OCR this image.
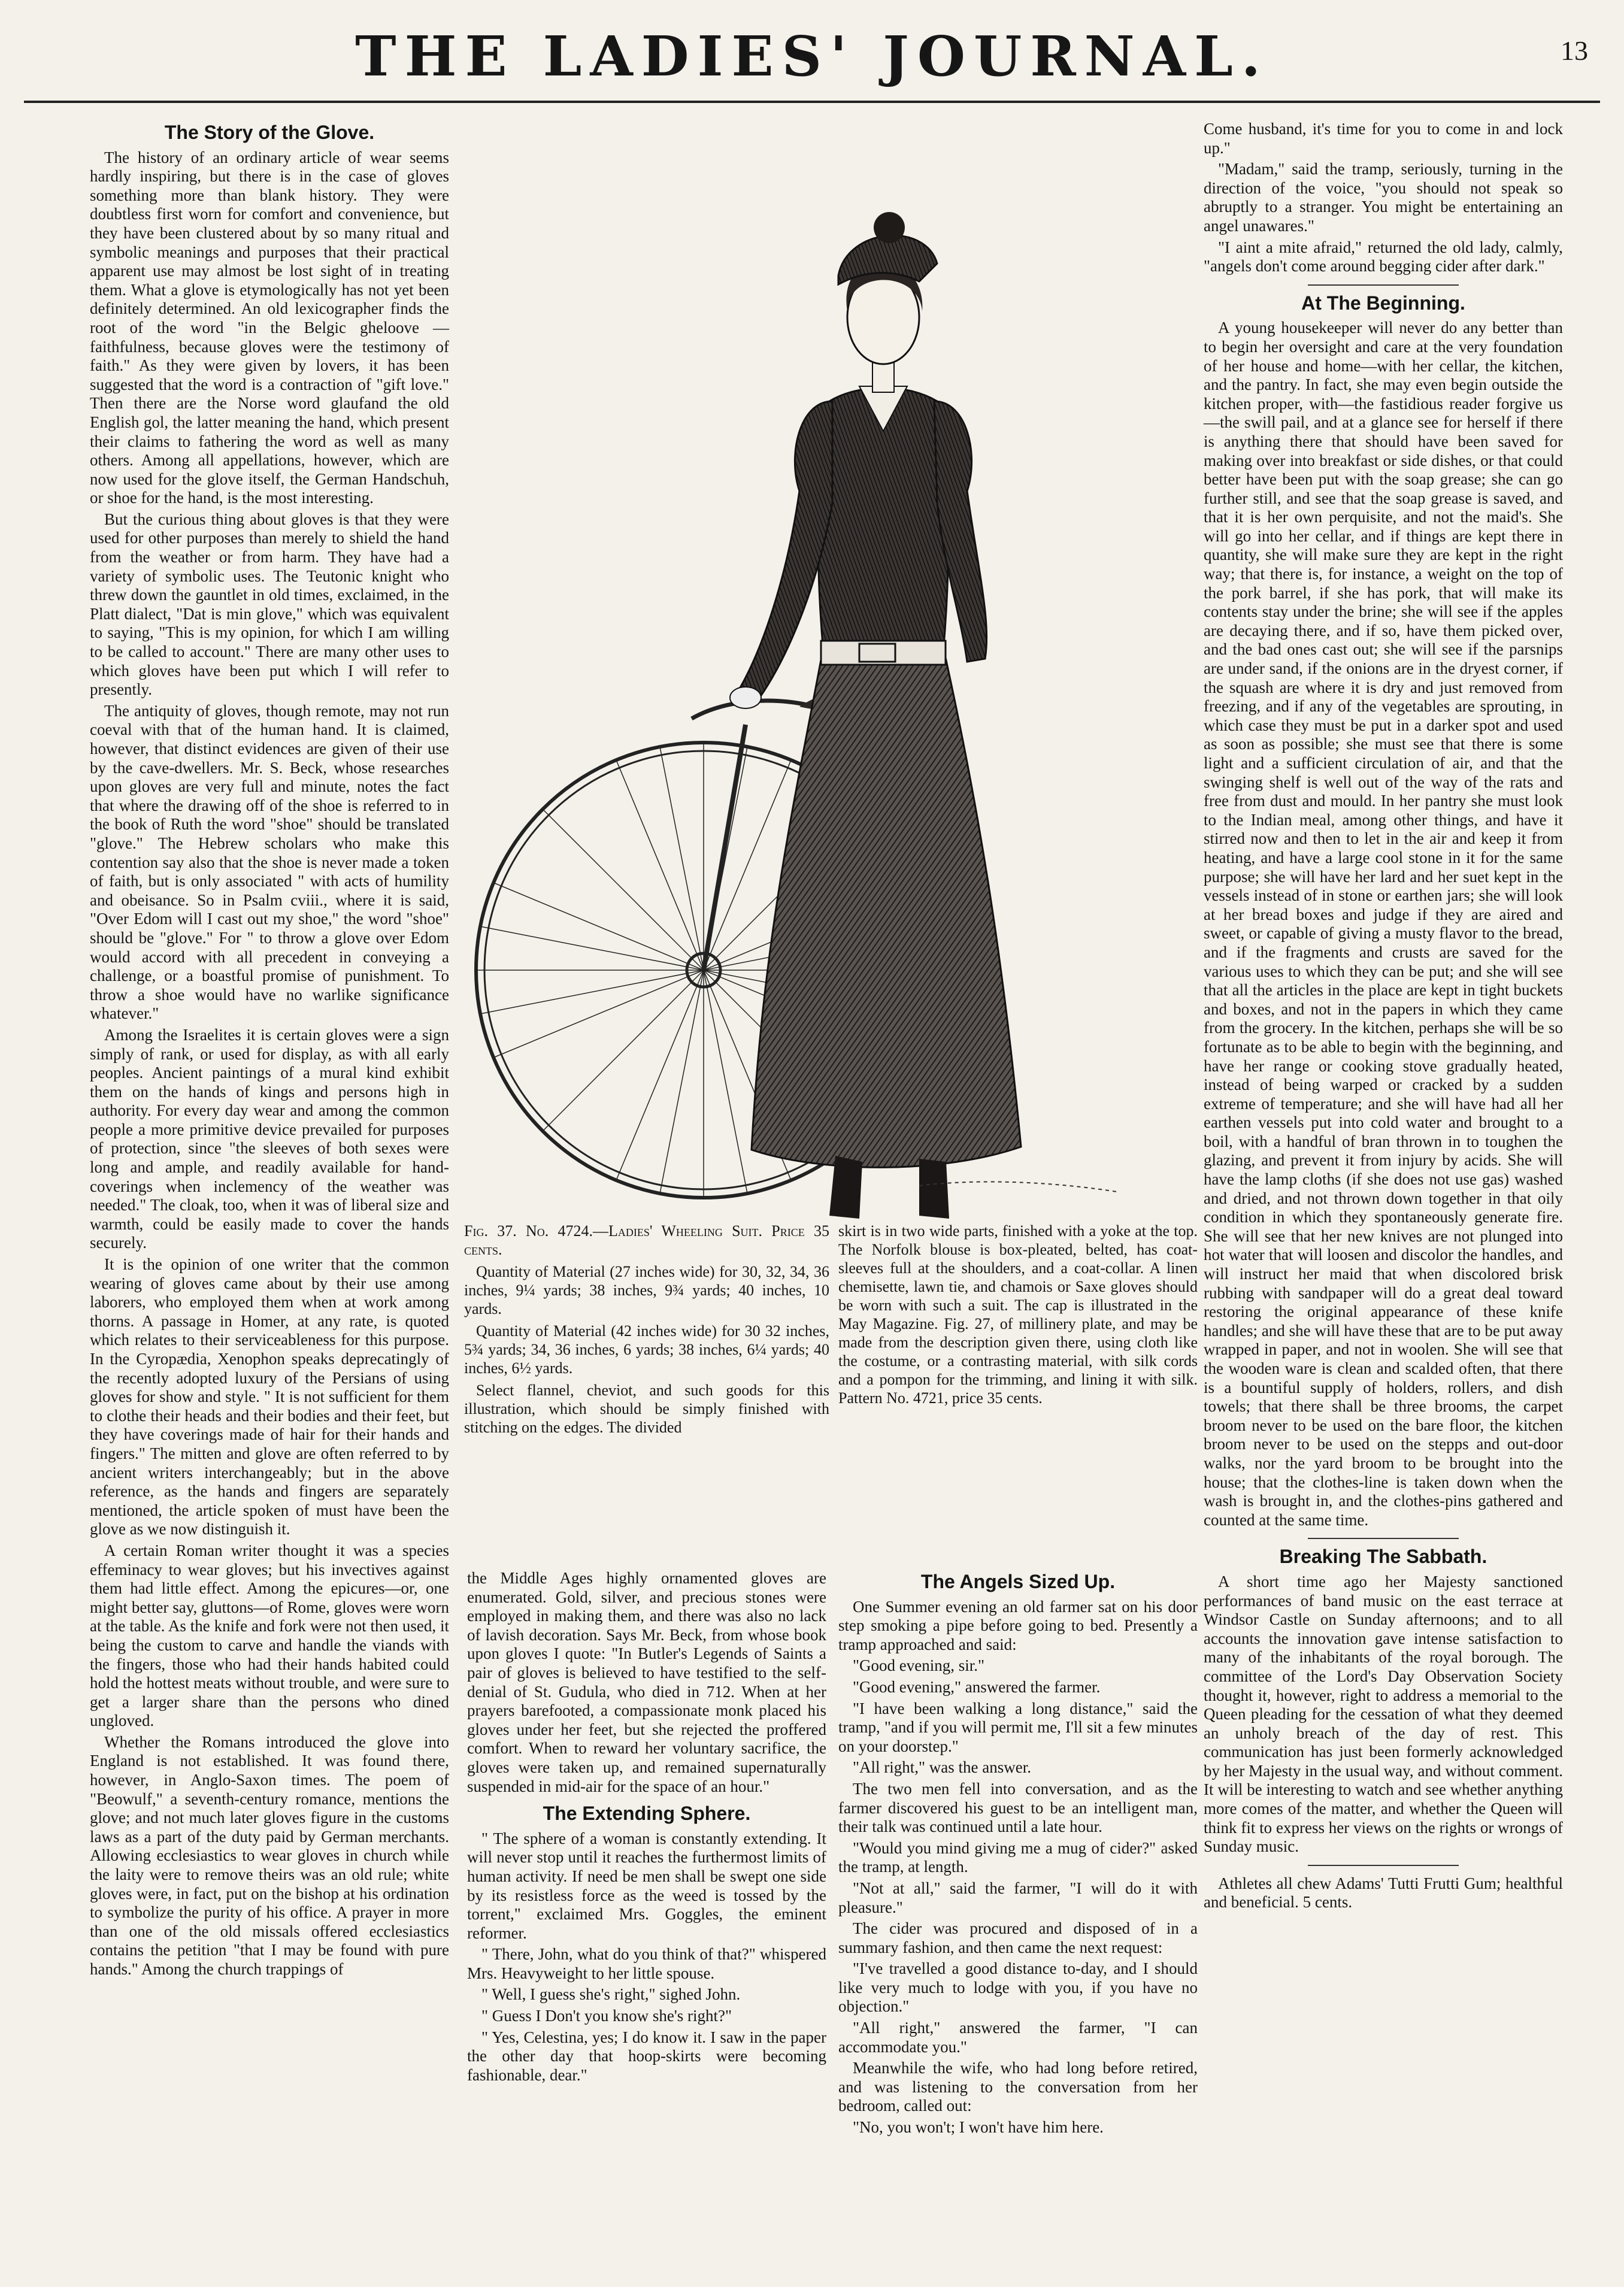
THE LADIES' JOURNAL.	13
The Story of the Glove.

The history of an ordinary article of wear seems hardly inspiring, but there is in the case of gloves something more than blank history. They were doubtless first worn for comfort and convenience, but they have been clustered about by so many ritual and symbolic meanings and purposes that their practical apparent use may almost be lost sight of in treating them. What a glove is etymologically has not yet been definitely determined. An old lexicographer finds the root of the word "in the Belgic gheloove —faithfulness, because gloves were the testimony of faith." As they were given by lovers, it has been suggested that the word is a contraction of "gift love." Then there are the Norse word glaufand the old English gol, the latter meaning the hand, which present their claims to fathering the word as well as many others. Among all appellations, however, which are now used for the glove itself, the German Handschuh, or shoe for the hand, is the most interesting.

But the curious thing about gloves is that they were used for other purposes than merely to shield the hand from the weather or from harm. They have had a variety of symbolic uses. The Teutonic knight who threw down the gauntlet in old times, exclaimed, in the Platt dialect, "Dat is min glove," which was equivalent to saying, "This is my opinion, for which I am willing to be called to account." There are many other uses to which gloves have been put which I will refer to presently.

The antiquity of gloves, though remote, may not run coeval with that of the human hand. It is claimed, however, that distinct evidences are given of their use by the cave-dwellers. Mr. S. Beck, whose researches upon gloves are very full and minute, notes the fact that where the drawing off of the shoe is referred to in the book of Ruth the word "shoe" should be translated "glove." The Hebrew scholars who make this contention say also that the shoe is never made a token of faith, but is only associated " with acts of humility and obeisance. So in Psalm cviii., where it is said, "Over Edom will I cast out my shoe," the word "shoe" should be "glove." For " to throw a glove over Edom would accord with all precedent in conveying a challenge, or a boastful promise of punishment. To throw a shoe would have no warlike significance whatever."

Among the Israelites it is certain gloves were a sign simply of rank, or used for display, as with all early peoples. Ancient paintings of a mural kind exhibit them on the hands of kings and persons high in authority. For every day wear and among the common people a more primitive device prevailed for purposes of protection, since "the sleeves of both sexes were long and ample, and readily available for hand-coverings when inclemency of the weather was needed." The cloak, too, when it was of liberal size and warmth, could be easily made to cover the hands securely.

It is the opinion of one writer that the common wearing of gloves came about by their use among laborers, who employed them when at work among thorns. A passage in Homer, at any rate, is quoted which relates to their serviceableness for this purpose. In the Cyropædia, Xenophon speaks deprecatingly of the recently adopted luxury of the Persians of using gloves for show and style. " It is not sufficient for them to clothe their heads and their bodies and their feet, but they have coverings made of hair for their hands and fingers." The mitten and glove are often referred to by ancient writers interchangeably; but in the above reference, as the hands and fingers are separately mentioned, the article spoken of must have been the glove as we now distinguish it.

A certain Roman writer thought it was a species effeminacy to wear gloves; but his invectives against them had little effect. Among the epicures—or, one might better say, gluttons—of Rome, gloves were worn at the table. As the knife and fork were not then used, it being the custom to carve and handle the viands with the fingers, those who had their hands habited could hold the hottest meats without trouble, and were sure to get a larger share than the persons who dined ungloved.

Whether the Romans introduced the glove into England is not established. It was found there, however, in Anglo-Saxon times. The poem of "Beowulf," a seventh-century romance, mentions the glove; and not much later gloves figure in the customs laws as a part of the duty paid by German merchants. Allowing ecclesiastics to wear gloves in church while the laity were to remove theirs was an old rule; white gloves were, in fact, put on the bishop at his ordination to symbolize the purity of his office. A prayer in more than one of the old missals offered ecclesiastics contains the petition "that I may be found with pure hands." Among the church trappings of

Fig. 37. No. 4724.—Ladies' Wheeling Suit. Price 35 cents.

Quantity of Material (27 inches wide) for 30, 32, 34, 36 inches, 9¼ yards; 38 inches, 9¾ yards; 40 inches, 10 yards.

Quantity of Material (42 inches wide) for 30 32 inches, 5¾ yards; 34, 36 inches, 6 yards; 38 inches, 6¼ yards; 40 inches, 6½ yards.

Select flannel, cheviot, and such goods for this illustration, which should be simply finished with stitching on the edges. The divided

skirt is in two wide parts, finished with a yoke at the top. The Norfolk blouse is box-pleated, belted, has coat-sleeves full at the shoulders, and a coat-collar. A linen chemisette, lawn tie, and chamois or Saxe gloves should be worn with such a suit. The cap is illustrated in the May Magazine. Fig. 27, of millinery plate, and may be made from the description given there, using cloth like the costume, or a contrasting material, with silk cords and a pompon for the trimming, and lining it with silk. Pattern No. 4721, price 35 cents.

the Middle Ages highly ornamented gloves are enumerated. Gold, silver, and precious stones were employed in making them, and there was also no lack of lavish decoration. Says Mr. Beck, from whose book upon gloves I quote: "In Butler's Legends of Saints a pair of gloves is believed to have testified to the self-denial of St. Gudula, who died in 712. When at her prayers barefooted, a compassionate monk placed his gloves under her feet, but she rejected the proffered comfort. When to reward her voluntary sacrifice, the gloves were taken up, and remained supernaturally suspended in mid-air for the space of an hour."

The Extending Sphere.

" The sphere of a woman is constantly extending. It will never stop until it reaches the furthermost limits of human activity. If need be men shall be swept one side by its resistless force as the weed is tossed by the torrent," exclaimed Mrs. Goggles, the eminent reformer.

" There, John, what do you think of that?" whispered Mrs. Heavyweight to her little spouse.

" Well, I guess she's right," sighed John.

" Guess I Don't you know she's right?"

" Yes, Celestina, yes; I do know it. I saw in the paper the other day that hoop-skirts were becoming fashionable, dear."

The Angels Sized Up.

One Summer evening an old farmer sat on his door step smoking a pipe before going to bed. Presently a tramp approached and said:

"Good evening, sir."

"Good evening," answered the farmer.

"I have been walking a long distance," said the tramp, "and if you will permit me, I'll sit a few minutes on your doorstep."

"All right," was the answer.

The two men fell into conversation, and as the farmer discovered his guest to be an intelligent man, their talk was continued until a late hour.

"Would you mind giving me a mug of cider?" asked the tramp, at length.

"Not at all," said the farmer, "I will do it with pleasure."

The cider was procured and disposed of in a summary fashion, and then came the next request:

"I've travelled a good distance to-day, and I should like very much to lodge with you, if you have no objection."

"All right," answered the farmer, "I can accommodate you."

Meanwhile the wife, who had long before retired, and was listening to the conversation from her bedroom, called out:

"No, you won't; I won't have him here.

Come husband, it's time for you to come in and lock up."

"Madam," said the tramp, seriously, turning in the direction of the voice, "you should not speak so abruptly to a stranger. You might be entertaining an angel unawares."

"I aint a mite afraid," returned the old lady, calmly, "angels don't come around begging cider after dark."

At The Beginning.

A young housekeeper will never do any better than to begin her oversight and care at the very foundation of her house and home—with her cellar, the kitchen, and the pantry. In fact, she may even begin outside the kitchen proper, with—the fastidious reader forgive us—the swill pail, and at a glance see for herself if there is anything there that should have been saved for making over into breakfast or side dishes, or that could better have been put with the soap grease; she can go further still, and see that the soap grease is saved, and that it is her own perquisite, and not the maid's. She will go into her cellar, and if things are kept there in quantity, she will make sure they are kept in the right way; that there is, for instance, a weight on the top of the pork barrel, if she has pork, that will make its contents stay under the brine; she will see if the apples are decaying there, and if so, have them picked over, and the bad ones cast out; she will see if the parsnips are under sand, if the onions are in the dryest corner, if the squash are where it is dry and just removed from freezing, and if any of the vegetables are sprouting, in which case they must be put in a darker spot and used as soon as possible; she must see that there is some light and a sufficient circulation of air, and that the swinging shelf is well out of the way of the rats and free from dust and mould. In her pantry she must look to the Indian meal, among other things, and have it stirred now and then to let in the air and keep it from heating, and have a large cool stone in it for the same purpose; she will have her lard and her suet kept in the vessels instead of in stone or earthen jars; she will look at her bread boxes and judge if they are aired and sweet, or capable of giving a musty flavor to the bread, and if the fragments and crusts are saved for the various uses to which they can be put; and she will see that all the articles in the place are kept in tight buckets and boxes, and not in the papers in which they came from the grocery. In the kitchen, perhaps she will be so fortunate as to be able to begin with the beginning, and have her range or cooking stove gradually heated, instead of being warped or cracked by a sudden extreme of temperature; and she will have had all her earthen vessels put into cold water and brought to a boil, with a handful of bran thrown in to toughen the glazing, and prevent it from injury by acids. She will have the lamp cloths (if she does not use gas) washed and dried, and not thrown down together in that oily condition in which they spontaneously generate fire. She will see that her new knives are not plunged into hot water that will loosen and discolor the handles, and will instruct her maid that when discolored brisk rubbing with sandpaper will do a great deal toward restoring the original appearance of these knife handles; and she will have these that are to be put away wrapped in paper, and not in woolen. She will see that the wooden ware is clean and scalded often, that there is a bountiful supply of holders, rollers, and dish towels; that there shall be three brooms, the carpet broom never to be used on the bare floor, the kitchen broom never to be used on the stepps and out-door walks, nor the yard broom to be brought into the house; that the clothes-line is taken down when the wash is brought in, and the clothes-pins gathered and counted at the same time.

Breaking The Sabbath.

A short time ago her Majesty sanctioned performances of band music on the east terrace at Windsor Castle on Sunday afternoons; and to all accounts the innovation gave intense satisfaction to many of the inhabitants of the royal borough. The committee of the Lord's Day Observation Society thought it, however, right to address a memorial to the Queen pleading for the cessation of what they deemed an unholy breach of the day of rest. This communication has just been formerly acknowledged by her Majesty in the usual way, and without comment. It will be interesting to watch and see whether anything more comes of the matter, and whether the Queen will think fit to express her views on the rights or wrongs of Sunday music.

Athletes all chew Adams' Tutti Frutti Gum; healthful and beneficial. 5 cents.
